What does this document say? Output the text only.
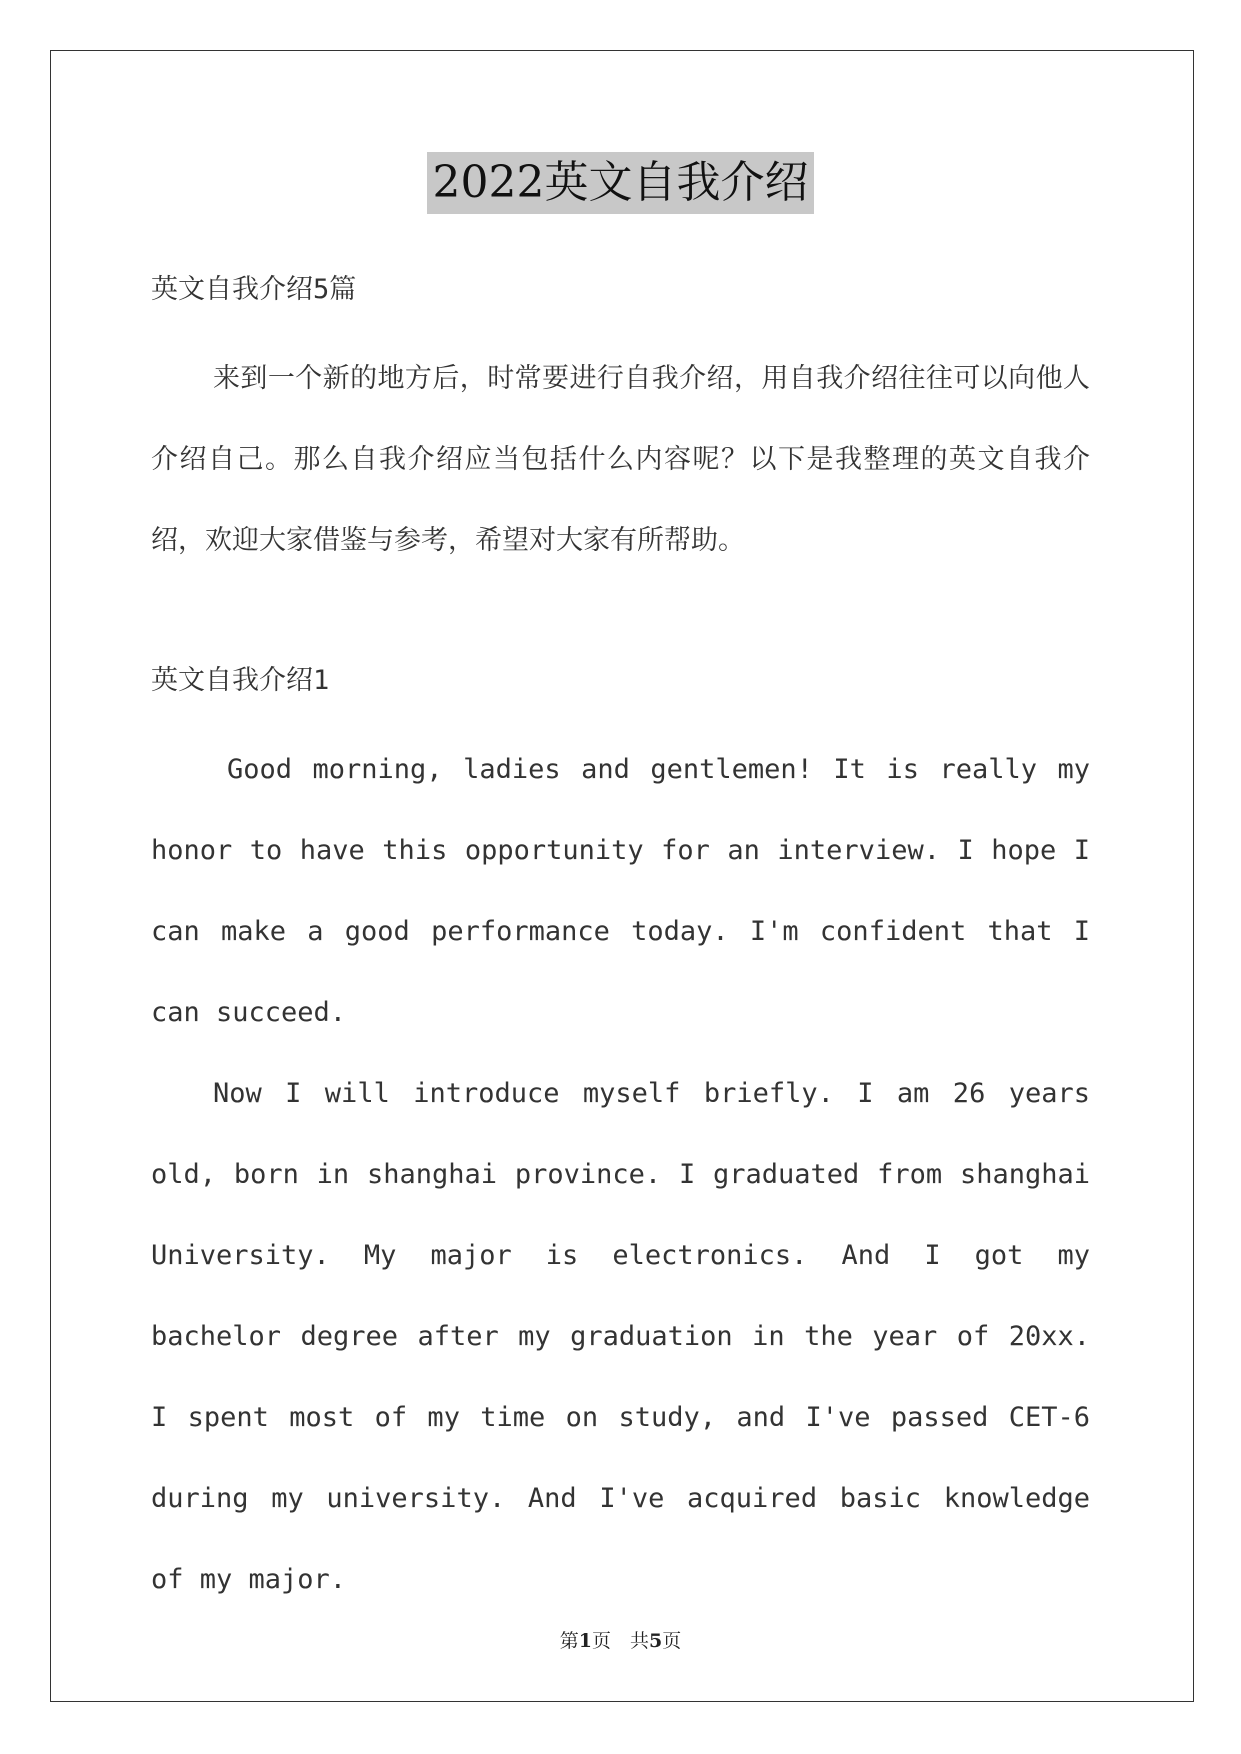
2022英文自我介绍

英文自我介绍5篇

来到一个新的地方后，时常要进行自我介绍，用自我介绍往往可以向他人介绍自己。那么自我介绍应当包括什么内容呢？以下是我整理的英文自我介绍，欢迎大家借鉴与参考，希望对大家有所帮助。

英文自我介绍1

Good morning, ladies and gentlemen! It is really my honor to have this opportunity for an interview. I hope I can make a good performance today. I'm confident that I can succeed.

Now I will introduce myself briefly. I am 26 years old, born in shanghai province. I graduated from shanghai University. My major is electronics. And I got my bachelor degree after my graduation in the year of 20xx. I spent most of my time on study, and I've passed CET-6 during my university. And I've acquired basic knowledge of my major.

第1页　共5页
